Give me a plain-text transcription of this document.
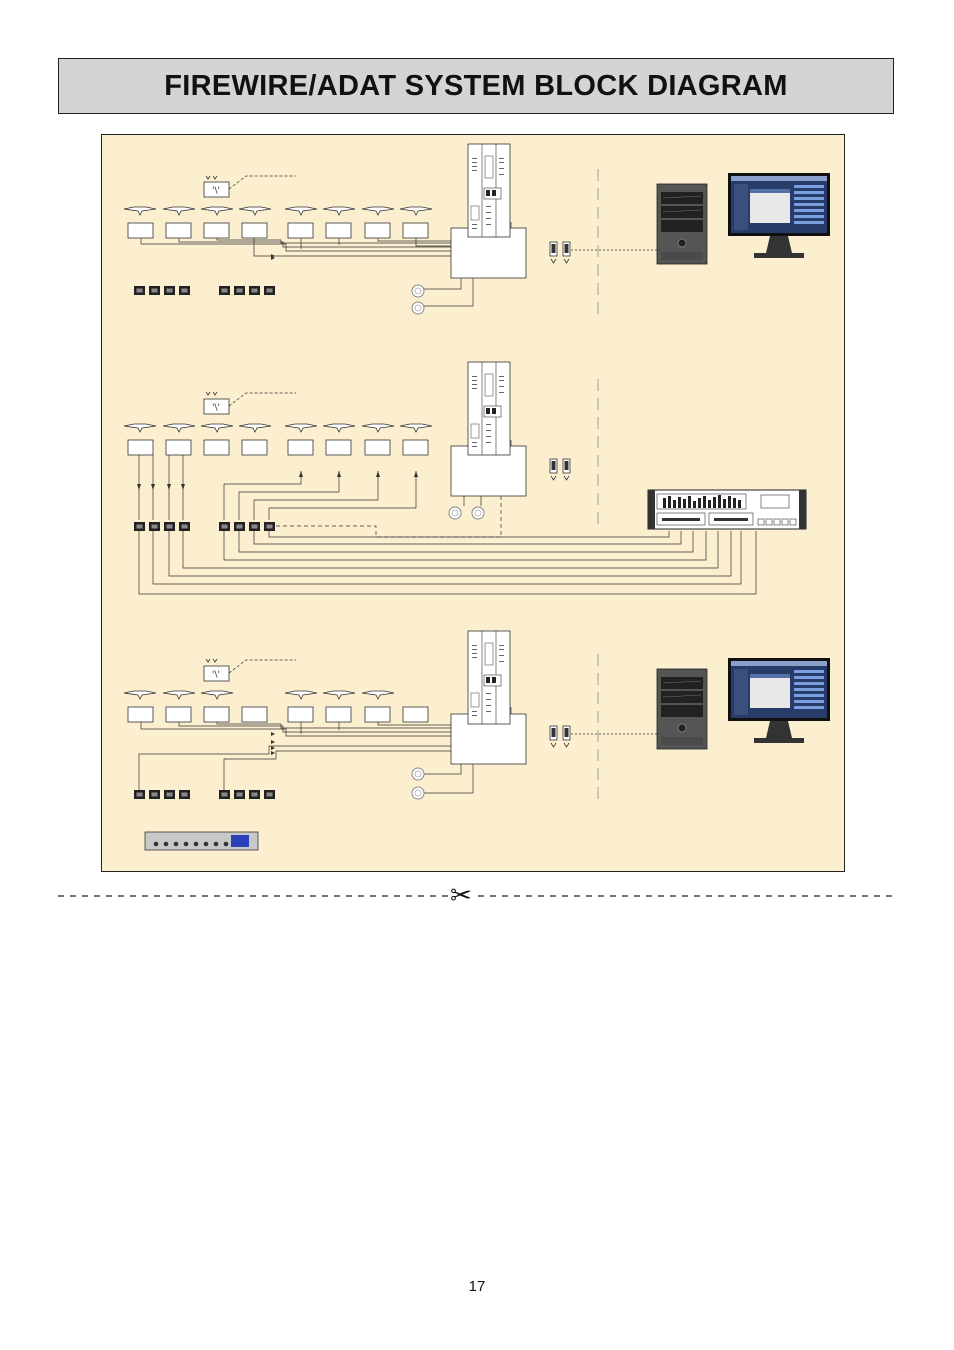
FIREWIRE/ADAT SYSTEM BLOCK DIAGRAM
'\'
'\'
'\'
✂
17
